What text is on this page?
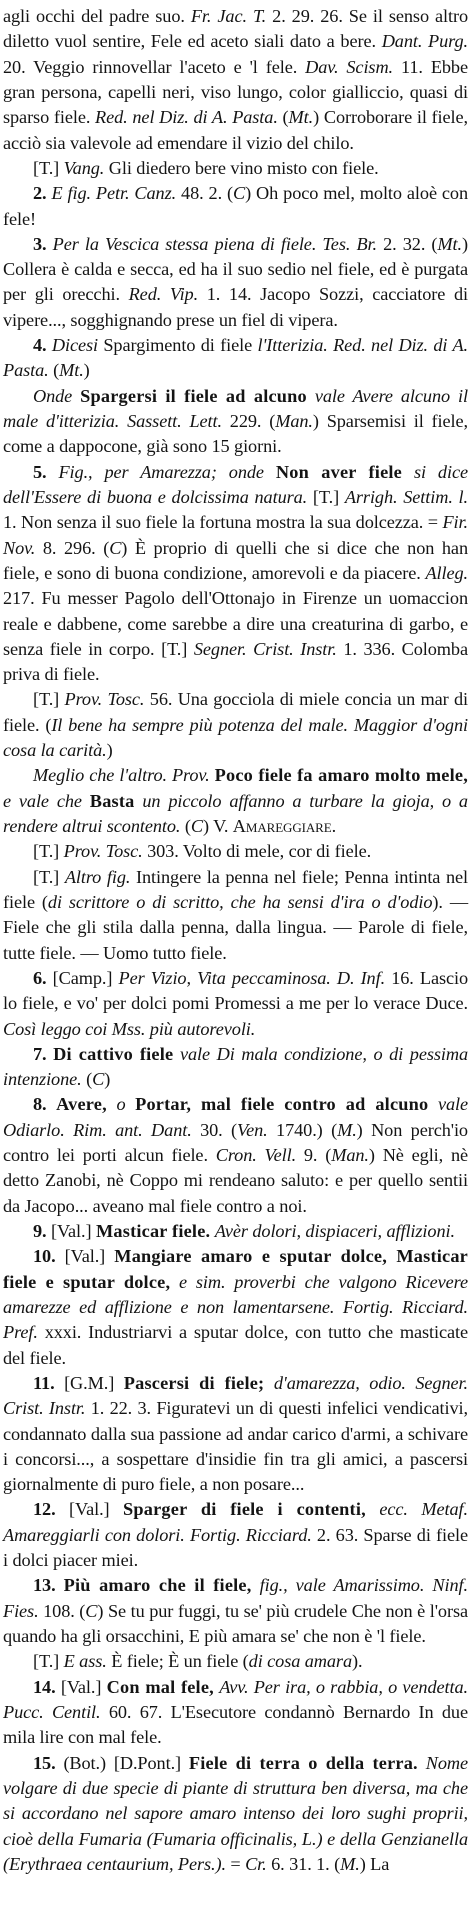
agli occhi del padre suo. Fr. Jac. T. 2. 29. 26. Se il senso altro diletto vuol sentire, Fele ed aceto siali dato a bere. Dant. Purg. 20. Veggio rinnovellar l'aceto e 'l fele. Dav. Scism. 11. Ebbe gran persona, capelli neri, viso lungo, color gialliccio, quasi di sparso fiele. Red. nel Diz. di A. Pasta. (Mt.) Corroborare il fiele, acciò sia valevole ad emendare il vizio del chilo.

[T.] Vang. Gli diedero bere vino misto con fiele.

2. E fig. Petr. Canz. 48. 2. (C) Oh poco mel, molto aloè con fele!

3. Per la Vescica stessa piena di fiele. Tes. Br. 2. 32. (Mt.) Collera è calda e secca, ed ha il suo sedio nel fiele, ed è purgata per gli orecchi. Red. Vip. 1. 14. Jacopo Sozzi, cacciatore di vipere..., sogghignando prese un fiel di vipera.

4. Dicesi Spargimento di fiele l'Itterizia. Red. nel Diz. di A. Pasta. (Mt.)

Onde Spargersi il fiele ad alcuno vale Avere alcuno il male d'itterizia. Sassett. Lett. 229. (Man.) Sparsemisi il fiele, come a dappocone, già sono 15 giorni.

5. Fig., per Amarezza; onde Non aver fiele si dice dell'Essere di buona e dolcissima natura. [T.] Arrigh. Settim. l. 1. Non senza il suo fiele la fortuna mostra la sua dolcezza. = Fir. Nov. 8. 296. (C) È proprio di quelli che si dice che non han fiele, e sono di buona condizione, amorevoli e da piacere. Alleg. 217. Fu messer Pagolo dell'Ottonajo in Firenze un uomaccion reale e dabbene, come sarebbe a dire una creaturina di garbo, e senza fiele in corpo. [T.] Segner. Crist. Instr. 1. 336. Colomba priva di fiele.

[T.] Prov. Tosc. 56. Una gocciola di miele concia un mar di fiele. (Il bene ha sempre più potenza del male. Maggior d'ogni cosa la carità.)

Meglio che l'altro. Prov. Poco fiele fa amaro molto mele, e vale che Basta un piccolo affanno a turbare la gioja, o a rendere altrui scontento. (C) V. Amareggiare.

[T.] Prov. Tosc. 303. Volto di mele, cor di fiele.

[T.] Altro fig. Intingere la penna nel fiele; Penna intinta nel fiele (di scrittore o di scritto, che ha sensi d'ira o d'odio). — Fiele che gli stila dalla penna, dalla lingua. — Parole di fiele, tutte fiele. — Uomo tutto fiele.

6. [Camp.] Per Vizio, Vita peccaminosa. D. Inf. 16. Lascio lo fiele, e vo' per dolci pomi Promessi a me per lo verace Duce. Così leggo coi Mss. più autorevoli.

7. Di cattivo fiele vale Di mala condizione, o di pessima intenzione. (C)

8. Avere, o Portar, mal fiele contro ad alcuno vale Odiarlo. Rim. ant. Dant. 30. (Ven. 1740.) (M.) Non perch'io contro lei porti alcun fiele. Cron. Vell. 9. (Man.) Nè egli, nè detto Zanobi, nè Coppo mi rendeano saluto: e per quello sentii da Jacopo... aveano mal fiele contro a noi.

9. [Val.] Masticar fiele. Avèr dolori, dispiaceri, afflizioni.

10. [Val.] Mangiare amaro e sputar dolce, Masticar fiele e sputar dolce, e sim. proverbi che valgono Ricevere amarezze ed afflizione e non lamentarsene. Fortig. Ricciard. Pref. xxxi. Industriarvi a sputar dolce, con tutto che masticate del fiele.

11. [G.M.] Pascersi di fiele; d'amarezza, odio. Segner. Crist. Instr. 1. 22. 3. Figuratevi un di questi infelici vendicativi, condannato dalla sua passione ad andar carico d'armi, a schivare i concorsi..., a sospettare d'insidie fin tra gli amici, a pascersi giornalmente di puro fiele, a non posare...

12. [Val.] Sparger di fiele i contenti, ecc. Metaf. Amareggiarli con dolori. Fortig. Ricciard. 2. 63. Sparse di fiele i dolci piacer miei.

13. Più amaro che il fiele, fig., vale Amarissimo. Ninf. Fies. 108. (C) Se tu pur fuggi, tu se' più crudele Che non è l'orsa quando ha gli orsacchini, E più amara se' che non è 'l fiele.

[T.] E ass. È fiele; È un fiele (di cosa amara).

14. [Val.] Con mal fele, Avv. Per ira, o rabbia, o vendetta. Pucc. Centil. 60. 67. L'Esecutore condannò Bernardo In due mila lire con mal fele.

15. (Bot.) [D.Pont.] Fiele di terra o della terra. Nome volgare di due specie di piante di struttura ben diversa, ma che si accordano nel sapore amaro intenso dei loro sughi proprii, cioè della Fumaria (Fumaria officinalis, L.) e della Genzianella (Erythraea centaurium, Pers.). = Cr. 6. 31. 1. (M.) La
